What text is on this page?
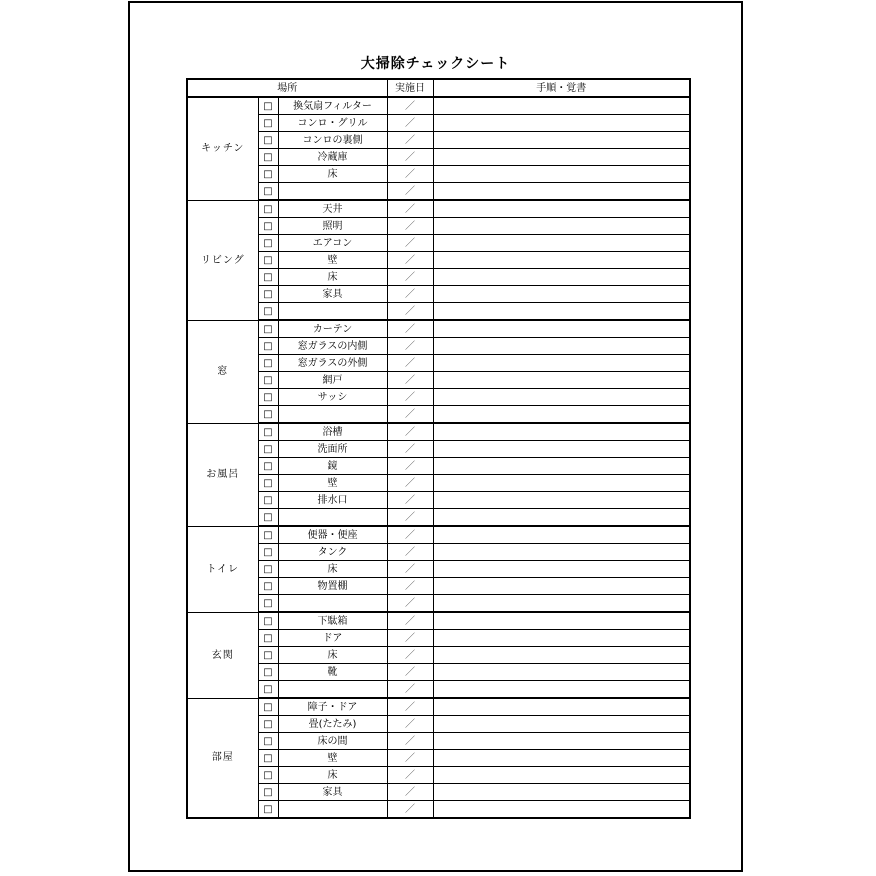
大掃除チェックシート
場所			実施日	手順・覚書
キッチン	□	換気扇フィルター	／	
	□	コンロ・グリル	／	
	□	コンロの裏側	／	
	□	冷蔵庫	／	
	□	床	／	
	□		／	
リビング	□	天井	／	
	□	照明	／	
	□	エアコン	／	
	□	壁	／	
	□	床	／	
	□	家具	／	
	□		／	
窓	□	カーテン	／	
	□	窓ガラスの内側	／	
	□	窓ガラスの外側	／	
	□	網戸	／	
	□	サッシ	／	
	□		／	
お風呂	□	浴槽	／	
	□	洗面所	／	
	□	鏡	／	
	□	壁	／	
	□	排水口	／	
	□		／	
トイレ	□	便器・便座	／	
	□	タンク	／	
	□	床	／	
	□	物置棚	／	
	□		／	
玄関	□	下駄箱	／	
	□	ドア	／	
	□	床	／	
	□	靴	／	
	□		／	
部屋	□	障子・ドア	／	
	□	畳(たたみ)	／	
	□	床の間	／	
	□	壁	／	
	□	床	／	
	□	家具	／	
	□		／	
